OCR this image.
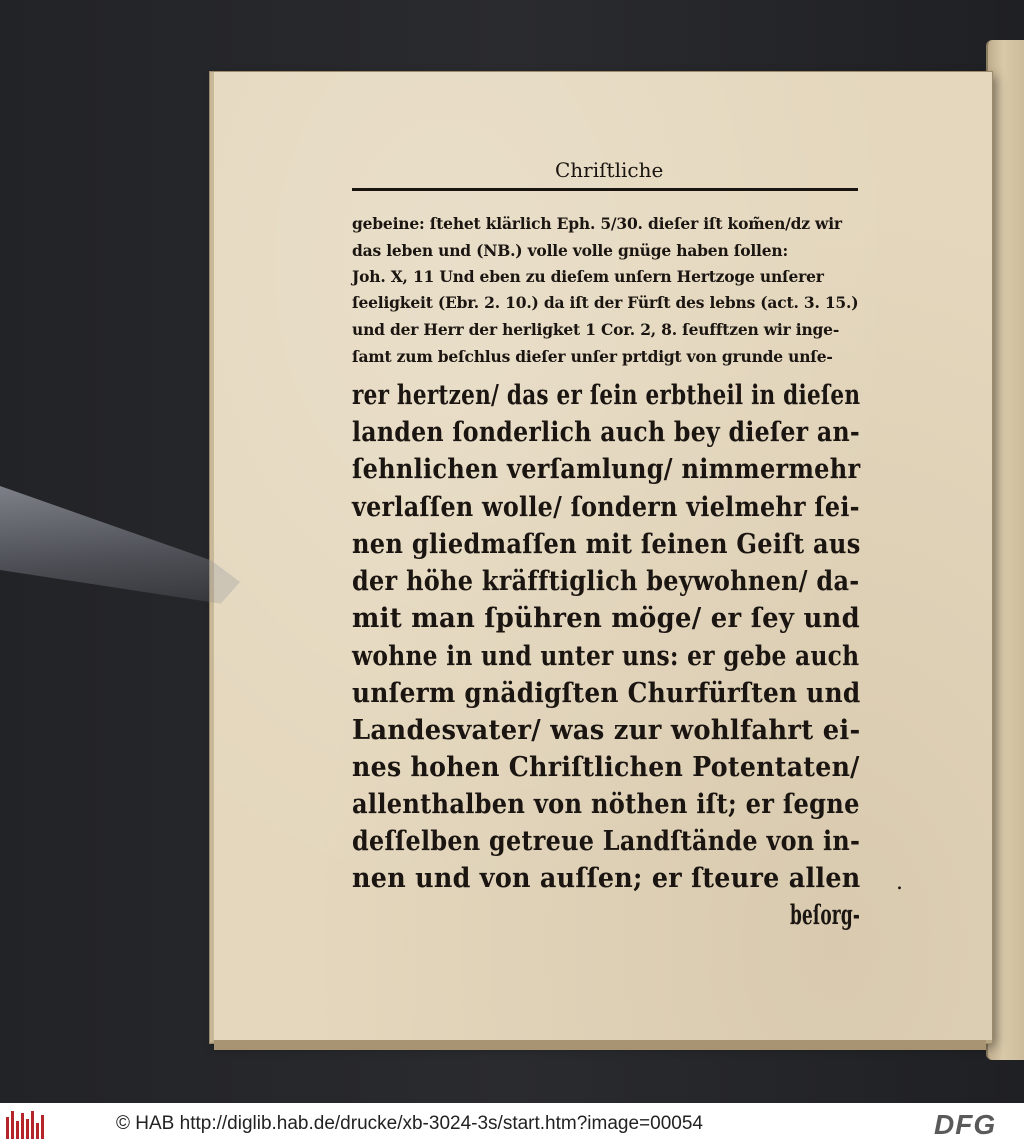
Chriſtliche
gebeine: ſtehet klärlich Eph. 5/30. dieſer iſt kom̃en/dz wir
das leben und (NB.) volle volle gnüge haben ſollen:
Joh. X, 11 Und eben zu dieſem unſern Hertzoge unſerer
ſeeligkeit (Ebr. 2. 10.) da iſt der Fürſt des lebns (act. 3. 15.)
und der Herr der herligket 1 Cor. 2, 8. ſeufftzen wir inge-
ſamt zum beſchlus dieſer unſer prtdigt von grunde unſe-
rer hertzen/ das er ſein erbtheil in dieſen
landen ſonderlich auch bey dieſer an-
ſehnlichen verſamlung/ nimmermehr
verlaſſen wolle/ ſondern vielmehr ſei-
nen gliedmaſſen mit ſeinen Geiſt aus
der höhe kräfftiglich beywohnen/ da-
mit man ſpühren möge/ er ſey und
wohne in und unter uns: er gebe auch
unſerm gnädigſten Churfürſten und
Landesvater/ was zur wohlfahrt ei-
nes hohen Chriſtlichen Potentaten/
allenthalben von nöthen iſt; er ſegne
deſſelben getreue Landſtände von in-
nen und von auſſen; er ſteure allen
beſorg-
.
© HAB http://diglib.hab.de/drucke/xb-3024-3s/start.htm?image=00054	DFG
